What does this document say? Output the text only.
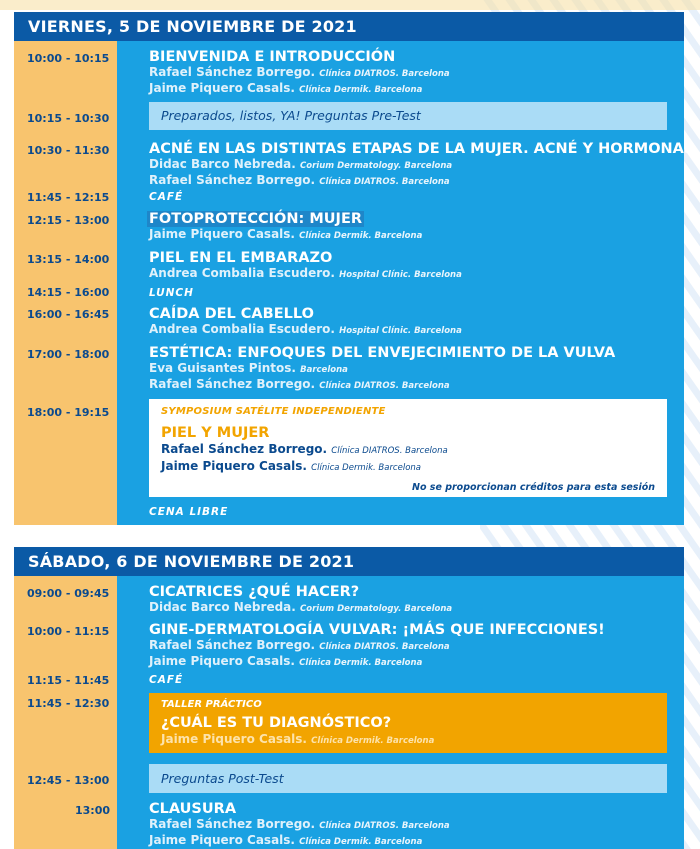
VIERNES, 5 DE NOVIEMBRE DE 2021
10:00 - 10:15
10:15 - 10:30
10:30 - 11:30
11:45 - 12:15
12:15 - 13:00
13:15 - 14:00
14:15 - 16:00
16:00 - 16:45
17:00 - 18:00
18:00 - 19:15
BIENVENIDA E INTRODUCCIÓN
Rafael Sánchez Borrego. Clínica DIATROS. Barcelona
Jaime Piquero Casals. Clínica Dermik. Barcelona
Preparados, listos, YA! Preguntas Pre-Test
ACNÉ EN LAS DISTINTAS ETAPAS DE LA MUJER. ACNÉ Y HORMONAS
Didac Barco Nebreda. Corium Dermatology. Barcelona
Rafael Sánchez Borrego. Clínica DIATROS. Barcelona
CAFÉ
FOTOPROTECCIÓN: MUJER
Jaime Piquero Casals. Clínica Dermik. Barcelona
PIEL EN EL EMBARAZO
Andrea Combalia Escudero. Hospital Clínic. Barcelona
LUNCH
CAÍDA DEL CABELLO
Andrea Combalia Escudero. Hospital Clínic. Barcelona
ESTÉTICA: ENFOQUES DEL ENVEJECIMIENTO DE LA VULVA
Eva Guisantes Pintos. Barcelona
Rafael Sánchez Borrego. Clínica DIATROS. Barcelona
SYMPOSIUM SATÉLITE INDEPENDIENTE
PIEL Y MUJER
Rafael Sánchez Borrego. Clínica DIATROS. Barcelona
Jaime Piquero Casals. Clínica Dermik. Barcelona
No se proporcionan créditos para esta sesión
CENA LIBRE
SÁBADO, 6 DE NOVIEMBRE DE 2021
09:00 - 09:45
10:00 - 11:15
11:15 - 11:45
11:45 - 12:30
12:45 - 13:00
13:00
CICATRICES ¿QUÉ HACER?
Didac Barco Nebreda. Corium Dermatology. Barcelona
GINE-DERMATOLOGÍA VULVAR: ¡MÁS QUE INFECCIONES!
Rafael Sánchez Borrego. Clínica DIATROS. Barcelona
Jaime Piquero Casals. Clínica Dermik. Barcelona
CAFÉ
TALLER PRÁCTICO
¿CUÁL ES TU DIAGNÓSTICO?
Jaime Piquero Casals. Clínica Dermik. Barcelona
Preguntas Post-Test
CLAUSURA
Rafael Sánchez Borrego. Clínica DIATROS. Barcelona
Jaime Piquero Casals. Clínica Dermik. Barcelona
